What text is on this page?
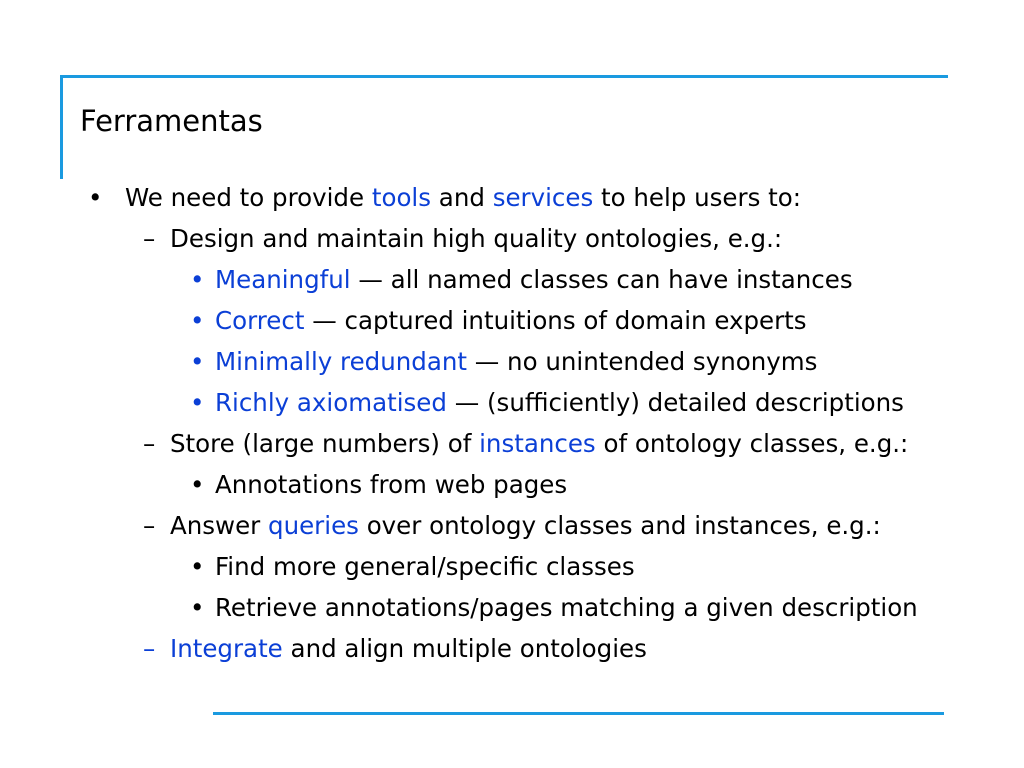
Ferramentas
• We need to provide tools and services to help users to:
– Design and maintain high quality ontologies, e.g.:
• Meaningful — all named classes can have instances
• Correct — captured intuitions of domain experts
• Minimally redundant — no unintended synonyms
• Richly axiomatised — (sufficiently) detailed descriptions
– Store (large numbers) of instances of ontology classes, e.g.:
• Annotations from web pages
– Answer queries over ontology classes and instances, e.g.:
• Find more general/specific classes
• Retrieve annotations/pages matching a given description
– Integrate and align multiple ontologies
